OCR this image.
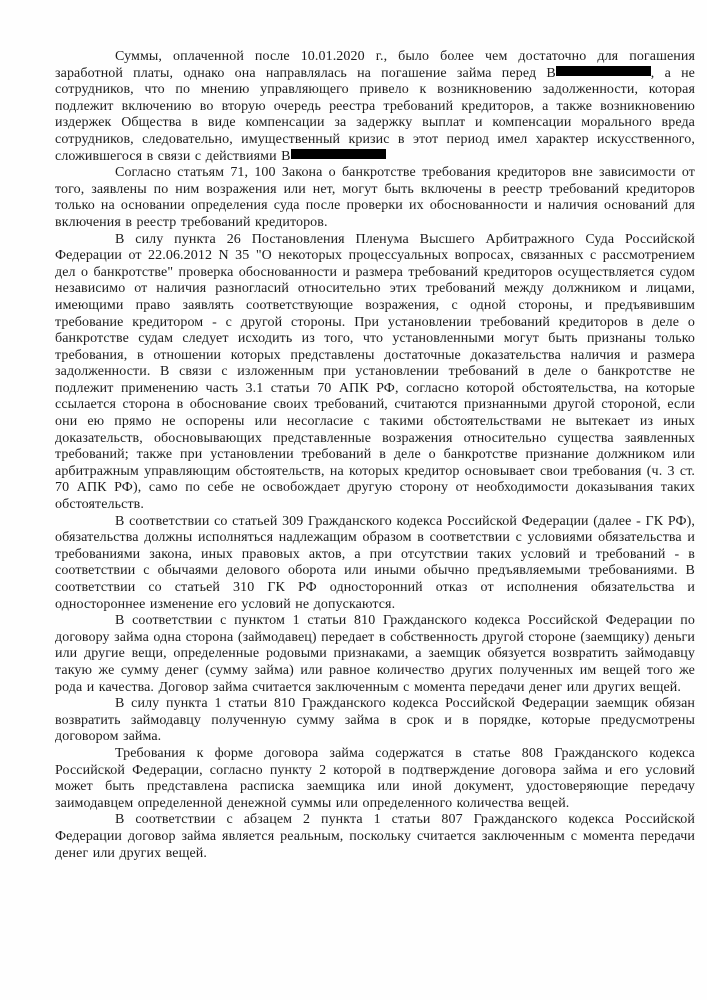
Суммы, оплаченной после 10.01.2020 г., было более чем достаточно для погашения заработной платы, однако она направлялась на погашение займа перед В	, а не сотрудников, что по мнению управляющего привело к возникновению задолженности, которая подлежит включению во вторую очередь реестра требований кредиторов, а также возникновению издержек Общества в виде компенсации за задержку выплат и компенсации морального вреда сотрудников, следовательно, имущественный кризис в этот период имел характер искусственного, сложившегося в связи с действиями В

Согласно статьям 71, 100 Закона о банкротстве требования кредиторов вне зависимости от того, заявлены по ним возражения или нет, могут быть включены в реестр требований кредиторов только на основании определения суда после проверки их обоснованности и наличия оснований для включения в реестр требований кредиторов.

В силу пункта 26 Постановления Пленума Высшего Арбитражного Суда Российской Федерации от 22.06.2012 N 35 "О некоторых процессуальных вопросах, связанных с рассмотрением дел о банкротстве" проверка обоснованности и размера требований кредиторов осуществляется судом независимо от наличия разногласий относительно этих требований между должником и лицами, имеющими право заявлять соответствующие возражения, с одной стороны, и предъявившим требование кредитором - с другой стороны. При установлении требований кредиторов в деле о банкротстве судам следует исходить из того, что установленными могут быть признаны только требования, в отношении которых представлены достаточные доказательства наличия и размера задолженности. В связи с изложенным при установлении требований в деле о банкротстве не подлежит применению часть 3.1 статьи 70 АПК РФ, согласно которой обстоятельства, на которые ссылается сторона в обоснование своих требований, считаются признанными другой стороной, если они ею прямо не оспорены или несогласие с такими обстоятельствами не вытекает из иных доказательств, обосновывающих представленные возражения относительно существа заявленных требований; также при установлении требований в деле о банкротстве признание должником или арбитражным управляющим обстоятельств, на которых кредитор основывает свои требования (ч. 3 ст. 70 АПК РФ), само по себе не освобождает другую сторону от необходимости доказывания таких обстоятельств.

В соответствии со статьей 309 Гражданского кодекса Российской Федерации (далее - ГК РФ), обязательства должны исполняться надлежащим образом в соответствии с условиями обязательства и требованиями закона, иных правовых актов, а при отсутствии таких условий и требований - в соответствии с обычаями делового оборота или иными обычно предъявляемыми требованиями. В соответствии со статьей 310 ГК РФ односторонний отказ от исполнения обязательства и одностороннее изменение его условий не допускаются.

В соответствии с пунктом 1 статьи 810 Гражданского кодекса Российской Федерации по договору займа одна сторона (займодавец) передает в собственность другой стороне (заемщику) деньги или другие вещи, определенные родовыми признаками, а заемщик обязуется возвратить займодавцу такую же сумму денег (сумму займа) или равное количество других полученных им вещей того же рода и качества. Договор займа считается заключенным с момента передачи денег или других вещей.

В силу пункта 1 статьи 810 Гражданского кодекса Российской Федерации заемщик обязан возвратить займодавцу полученную сумму займа в срок и в порядке, которые предусмотрены договором займа.

Требования к форме договора займа содержатся в статье 808 Гражданского кодекса Российской Федерации, согласно пункту 2 которой в подтверждение договора займа и его условий может быть представлена расписка заемщика или иной документ, удостоверяющие передачу заимодавцем определенной денежной суммы или определенного количества вещей.

В соответствии с абзацем 2 пункта 1 статьи 807 Гражданского кодекса Российской Федерации договор займа является реальным, поскольку считается заключенным с момента передачи денег или других вещей.
